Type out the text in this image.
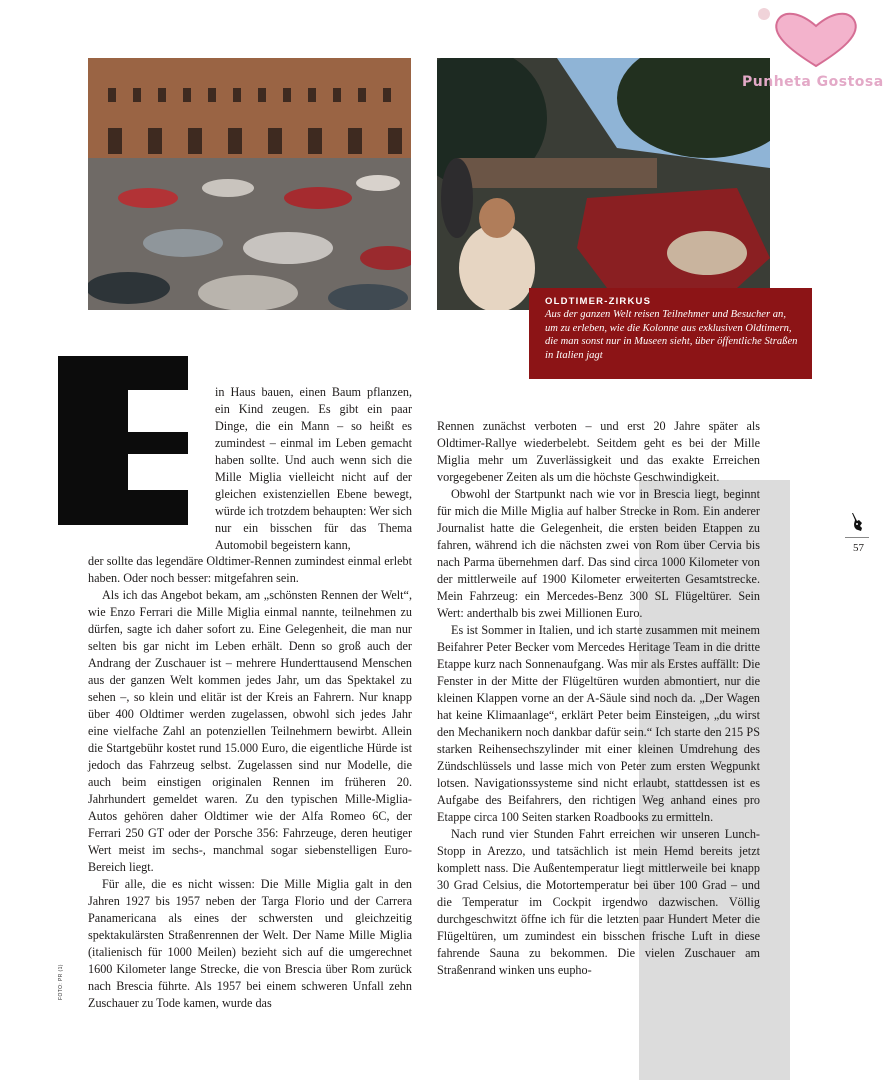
OLDTIMER-ZIRKUS

Aus der ganzen Welt reisen Teilnehmer und Besucher an, um zu erleben, wie die Kolonne aus exklusiven Oldtimern, die man sonst nur in Museen sieht, über öffentliche Straßen in Italien jagt

in Haus bauen, einen Baum pflanzen, ein Kind zeugen. Es gibt ein paar Dinge, die ein Mann – so heißt es zumindest – einmal im Leben gemacht haben sollte. Und auch wenn sich die Mille Miglia vielleicht nicht auf der gleichen existenziellen Ebene bewegt, würde ich trotzdem behaupten: Wer sich nur ein bisschen für das Thema Automobil begeistern kann,

der sollte das legendäre Oldtimer-Rennen zumindest einmal erlebt haben. Oder noch besser: mitgefahren sein.

Als ich das Angebot bekam, am „schönsten Rennen der Welt“, wie Enzo Ferrari die Mille Miglia einmal nannte, teilnehmen zu dürfen, sagte ich daher sofort zu. Eine Gelegenheit, die man nur selten bis gar nicht im Leben erhält. Denn so groß auch der Andrang der Zuschauer ist – mehrere Hunderttausend Menschen aus der ganzen Welt kommen jedes Jahr, um das Spektakel zu sehen –, so klein und elitär ist der Kreis an Fahrern. Nur knapp über 400 Oldtimer werden zugelassen, obwohl sich jedes Jahr eine vielfache Zahl an potenziellen Teilnehmern bewirbt. Allein die Startgebühr kostet rund 15.000 Euro, die eigentliche Hürde ist jedoch das Fahrzeug selbst. Zugelassen sind nur Modelle, die auch beim einstigen originalen Rennen im früheren 20. Jahrhundert gemeldet waren. Zu den typischen Mille-Miglia-Autos gehören daher Oldtimer wie der Alfa Romeo 6C, der Ferrari 250 GT oder der Porsche 356: Fahrzeuge, deren heutiger Wert meist im sechs-, manchmal sogar siebenstelligen Euro-Bereich liegt.

Für alle, die es nicht wissen: Die Mille Miglia galt in den Jahren 1927 bis 1957 neben der Targa Florio und der Carrera Panamericana als eines der schwersten und gleichzeitig spektakulärsten Straßenrennen der Welt. Der Name Mille Miglia (italienisch für 1000 Meilen) bezieht sich auf die umgerechnet 1600 Kilometer lange Strecke, die von Brescia über Rom zurück nach Brescia führte. Als 1957 bei einem schweren Unfall zehn Zuschauer zu Tode kamen, wurde das

Rennen zunächst verboten – und erst 20 Jahre später als Oldtimer-Rallye wiederbelebt. Seitdem geht es bei der Mille Miglia mehr um Zuverlässigkeit und das exakte Erreichen vorgegebener Zeiten als um die höchste Geschwindigkeit.

Obwohl der Startpunkt nach wie vor in Brescia liegt, beginnt für mich die Mille Miglia auf halber Strecke in Rom. Ein anderer Journalist hatte die Gelegenheit, die ersten beiden Etappen zu fahren, während ich die nächsten zwei von Rom über Cervia bis nach Parma übernehmen darf. Das sind circa 1000 Kilometer von der mittlerweile auf 1900 Kilometer erweiterten Gesamtstrecke. Mein Fahrzeug: ein Mercedes-Benz 300 SL Flügeltürer. Sein Wert: anderthalb bis zwei Millionen Euro.

Es ist Sommer in Italien, und ich starte zusammen mit meinem Beifahrer Peter Becker vom Mercedes Heritage Team in die dritte Etappe kurz nach Sonnenaufgang. Was mir als Erstes auffällt: Die Fenster in der Mitte der Flügeltüren wurden abmontiert, nur die kleinen Klappen vorne an der A-Säule sind noch da. „Der Wagen hat keine Klimaanlage“, erklärt Peter beim Einsteigen, „du wirst den Mechanikern noch dankbar dafür sein.“ Ich starte den 215 PS starken Reihensechszylinder mit einer kleinen Umdrehung des Zündschlüssels und lasse mich von Peter zum ersten Wegpunkt lotsen. Navigationssysteme sind nicht erlaubt, stattdessen ist es Aufgabe des Beifahrers, den richtigen Weg anhand eines pro Etappe circa 100 Seiten starken Roadbooks zu ermitteln.

Nach rund vier Stunden Fahrt erreichen wir unseren Lunch-Stopp in Arezzo, und tatsächlich ist mein Hemd bereits jetzt komplett nass. Die Außentemperatur liegt mittlerweile bei knapp 30 Grad Celsius, die Motortemperatur bei über 100 Grad – und die Temperatur im Cockpit irgendwo dazwischen. Völlig durchgeschwitzt öffne ich für die letzten paar Hundert Meter die Flügeltüren, um zumindest ein bisschen frische Luft in diese fahrende Sauna zu bekommen. Die vielen Zuschauer am Straßenrand winken uns eupho-

57
FOTO: PR (1)
Punheta Gostosa
